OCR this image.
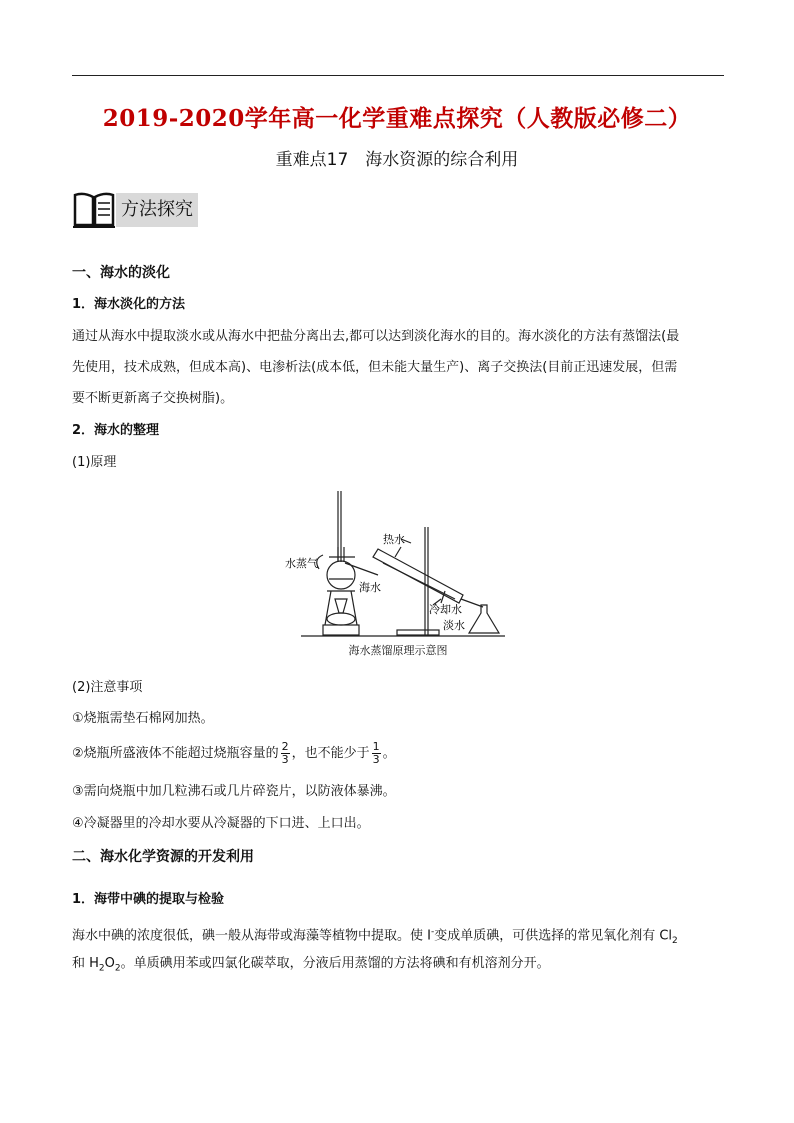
2019-2020学年高一化学重难点探究（人教版必修二）
重难点17　海水资源的综合利用
方法探究
一、海水的淡化
1．海水淡化的方法
通过从海水中提取淡水或从海水中把盐分离出去,都可以达到淡化海水的目的。海水淡化的方法有蒸馏法(最
先使用，技术成熟，但成本高)、电渗析法(成本低，但未能大量生产)、离子交换法(目前正迅速发展，但需
要不断更新离子交换树脂)。
2．海水的整理
(1)原理
水蒸气
热水
海水
冷却水
淡水
海水蒸馏原理示意图
(2)注意事项
①烧瓶需垫石棉网加热。
②烧瓶所盛液体不能超过烧瓶容量的 $\frac{2}{3}$ ，也不能少于 $\frac{1}{3}$ 。
③需向烧瓶中加几粒沸石或几片碎瓷片，以防液体暴沸。
④冷凝器里的冷却水要从冷凝器的下口进、上口出。
二、海水化学资源的开发利用
1．海带中碘的提取与检验
海水中碘的浓度很低，碘一般从海带或海藻等植物中提取。使 I-变成单质碘，可供选择的常见氧化剂有 $Cl_2$
和 $H_2O_2$。单质碘用苯或四氯化碳萃取，分液后用蒸馏的方法将碘和有机溶剂分开。
